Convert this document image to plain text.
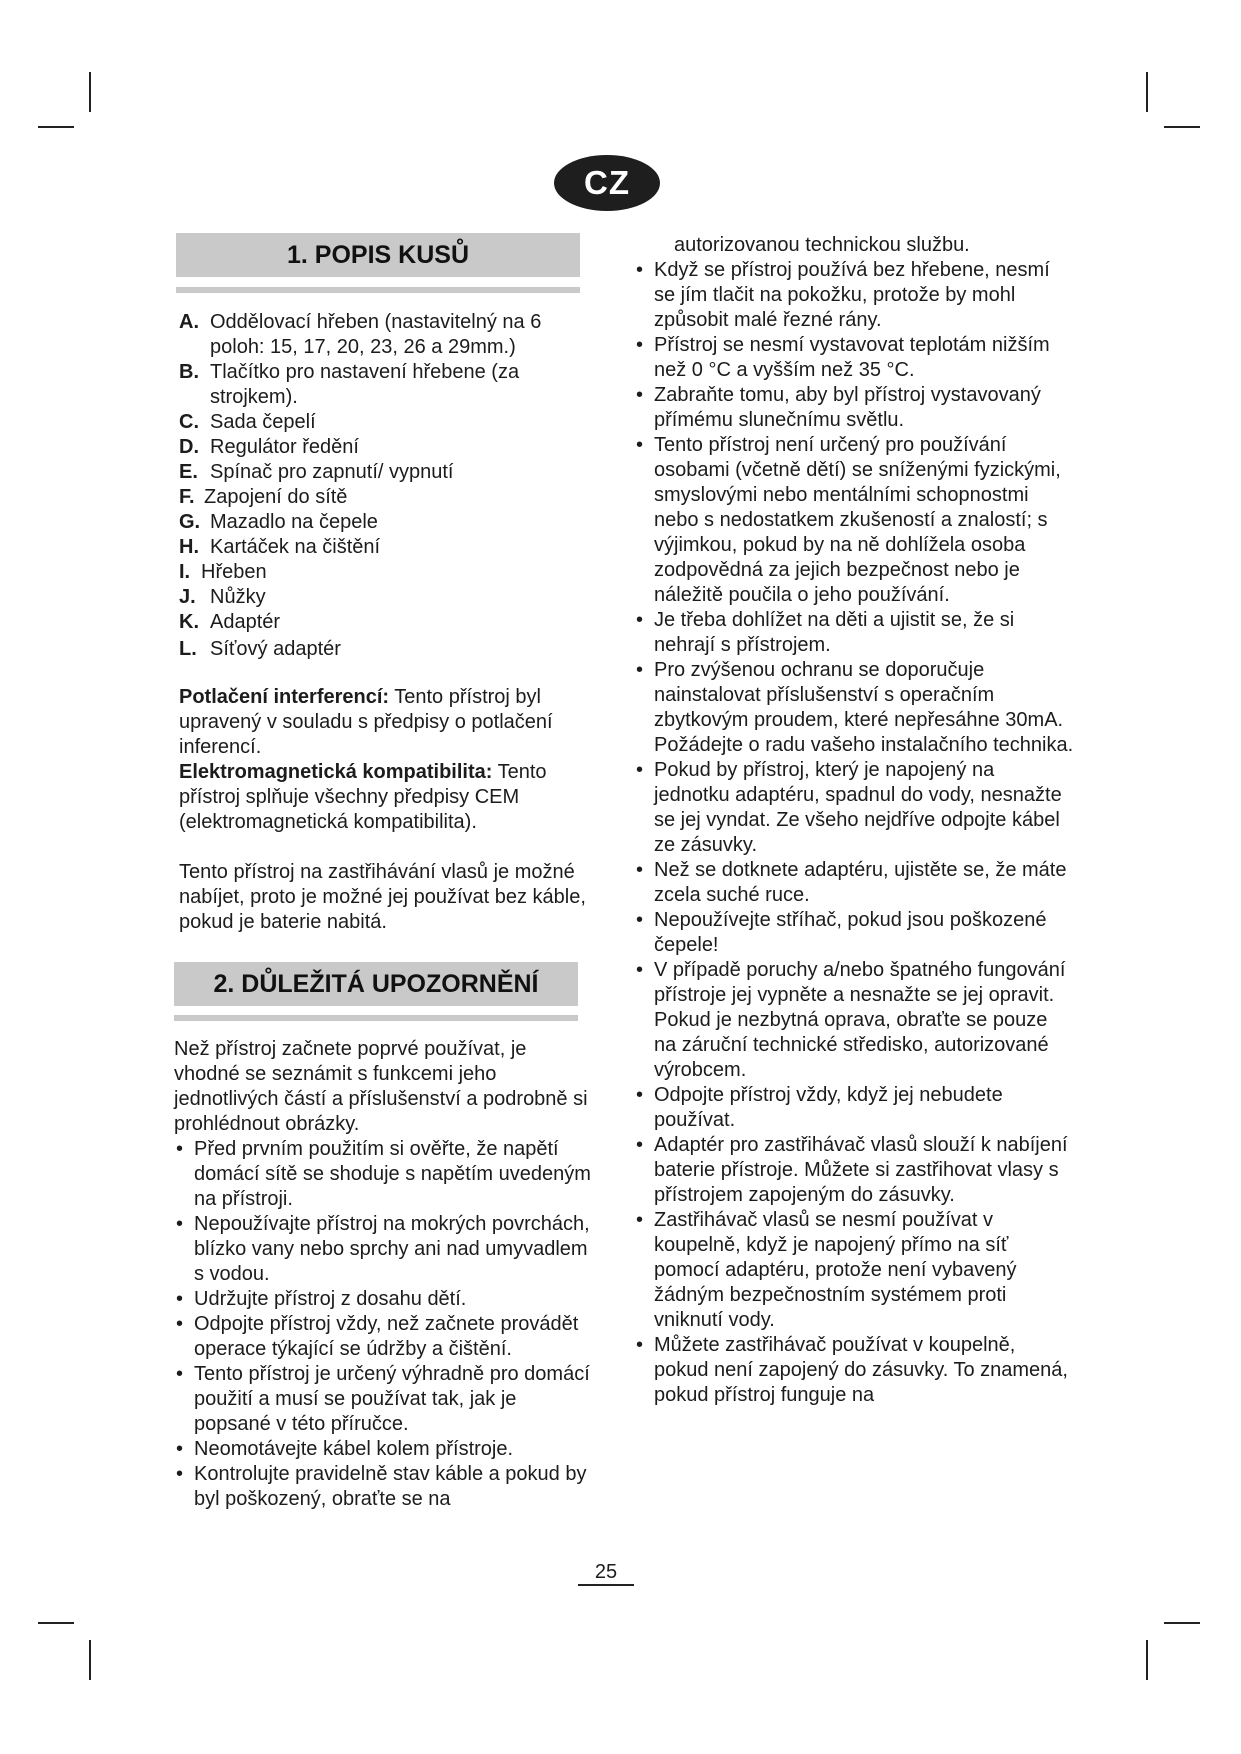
CZ
1. POPIS KUSŮ
A. Oddělovací hřeben (nastavitelný na 6 poloh: 15, 17, 20, 23, 26 a 29mm.)
B. Tlačítko pro nastavení hřebene (za strojkem).
C. Sada čepelí
D. Regulátor ředění
E. Spínač pro zapnutí/ vypnutí
F. Zapojení do sítě
G. Mazadlo na čepele
H. Kartáček na čištění
I. Hřeben
J. Nůžky
K. Adaptér
L. Síťový adaptér

Potlačení interferencí: Tento přístroj byl upravený v souladu s předpisy o potlačení inferencí.

Elektromagnetická kompatibilita: Tento přístroj splňuje všechny předpisy CEM (elektromagnetická kompatibilita).

Tento přístroj na zastřihávání vlasů je možné nabíjet, proto je možné jej používat bez káble, pokud je baterie nabitá.

2. DŮLEŽITÁ UPOZORNĚNÍ

Než přístroj začnete poprvé používat, je vhodné se seznámit s funkcemi jeho jednotlivých částí a příslušenství a podrobně si prohlédnout obrázky.

• Před prvním použitím si ověřte, že napětí domácí sítě se shoduje s napětím uvedeným na přístroji.
• Nepoužívajte přístroj na mokrých povrchách, blízko vany nebo sprchy ani nad umyvadlem s vodou.
• Udržujte přístroj z dosahu dětí.
• Odpojte přístroj vždy, než začnete provádět operace týkající se údržby a čištění.
• Tento přístroj je určený výhradně pro domácí použití a musí se používat tak, jak je popsané v této příručce.
• Neomotávejte kábel kolem přístroje.
• Kontrolujte pravidelně stav káble a pokud by byl poškozený, obraťte se na

autorizovanou technickou službu.

• Když se přístroj používá bez hřebene, nesmí se jím tlačit na pokožku, protože by mohl způsobit malé řezné rány.
• Přístroj se nesmí vystavovat teplotám nižším než 0 °C a vyšším než 35 °C.
• Zabraňte tomu, aby byl přístroj vystavovaný přímému slunečnímu světlu.
• Tento přístroj není určený pro používání osobami (včetně dětí) se sníženými fyzickými, smyslovými nebo mentálními schopnostmi nebo s nedostatkem zkušeností a znalostí; s výjimkou, pokud by na ně dohlížela osoba zodpovědná za jejich bezpečnost nebo je náležitě poučila o jeho používání.
• Je třeba dohlížet na děti a ujistit se, že si nehrají s přístrojem.
• Pro zvýšenou ochranu se doporučuje nainstalovat příslušenství s operačním zbytkovým proudem, které nepřesáhne 30mA. Požádejte o radu vašeho instalačního technika.
• Pokud by přístroj, který je napojený na jednotku adaptéru, spadnul do vody, nesnažte se jej vyndat. Ze všeho nejdříve odpojte kábel ze zásuvky.
• Než se dotknete adaptéru, ujistěte se, že máte zcela suché ruce.
• Nepoužívejte stříhač, pokud jsou poškozené čepele!
• V případě poruchy a/nebo špatného fungování přístroje jej vypněte a nesnažte se jej opravit. Pokud je nezbytná oprava, obraťte se pouze na záruční technické středisko, autorizované výrobcem.
• Odpojte přístroj vždy, když jej nebudete používat.
• Adaptér pro zastřihávač vlasů slouží k nabíjení baterie přístroje. Můžete si zastřihovat vlasy s přístrojem zapojeným do zásuvky.
• Zastřihávač vlasů se nesmí používat v koupelně, když je napojený přímo na síť pomocí adaptéru, protože není vybavený žádným bezpečnostním systémem proti vniknutí vody.
• Můžete zastřihávač používat v koupelně, pokud není zapojený do zásuvky. To znamená, pokud přístroj funguje na
25
